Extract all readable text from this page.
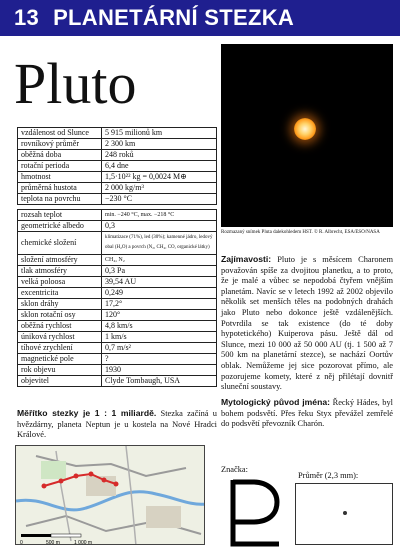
13 PLANETÁRNÍ STEZKA
Pluto
Rozmazaný snímek Pluta dalekohledem HST. © R. Albrecht, ESA/ESO/NASA
vzdálenost od Slunce	5 915 milionů km
rovníkový průměr	2 300 km
oběžná doba	248 roků
rotační perioda	6,4 dne
hmotnost	1,5·10²² kg = 0,0024 M⊕
průměrná hustota	2 000 kg/m³
teplota na povrchu	−230 °C
rozsah teplot	min. −240 °C, max. −218 °C
geometrické albedo	0,3
chemické složení	klimatizace (71%), led (30%); kamenné jádro, ledový obal (H₂O) a povrch (N₂, CH₄, CO, organické látky)
složení atmosféry	CH₄, N₂
tlak atmosféry	0,3 Pa
velká poloosa	39,54 AU
excentricita	0,249
sklon dráhy	17,2°
sklon rotační osy	120°
oběžná rychlost	4,8 km/s
úniková rychlost	1 km/s
tíhové zrychlení	0,7 m/s²
magnetické pole	?
rok objevu	1930
objevitel	Clyde Tombaugh, USA
Zajímavosti: Pluto je s měsícem Charonem považován spíše za dvojitou planetku, a to proto, že je malé a vůbec se nepodobá čtyřem vnějším planetám. Navíc se v letech 1992 až 2002 objevilo několik set menších těles na podobných drahách jako Pluto nebo dokonce ještě vzdálenějších. Potvrdila se tak existence (do té doby hypotetického) Kuiperova pásu. Ještě dál od Slunce, mezi 10 000 až 50 000 AU (tj. 1 500 až 7 500 km na planetární stezce), se nachází Oortův oblak. Nemůžeme jej sice pozorovat přímo, ale pozorujeme komety, které z něj přilétají dovnitř sluneční soustavy.
Mytologický původ jména: Řecký Hádes, byl bohem podsvětí. Přes řeku Styx převážel zemřelé do podsvětí převozník Charón.
Měřítko stezky je 1 : 1 miliardě. Stezka začíná u hvězdárny, planeta Neptun je u kostela na Nové Hradci Králové.
0	500 m	1 000 m
Značka:
Průměr (2,3 mm):
